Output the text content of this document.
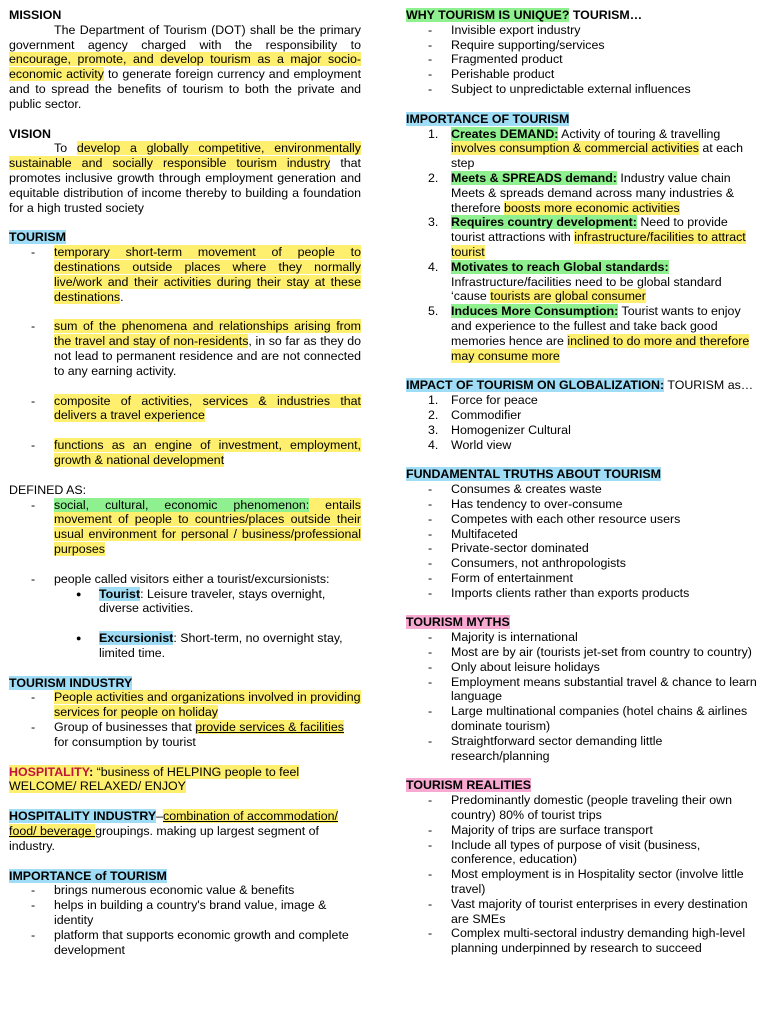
MISSION

The Department of Tourism (DOT) shall be the primary government agency charged with the responsibility to encourage, promote, and develop tourism as a major socio-economic activity to generate foreign currency and employment and to spread the benefits of tourism to both the private and public sector.

VISION

To develop a globally competitive, environmentally sustainable and socially responsible tourism industry that promotes inclusive growth through employment generation and equitable distribution of income thereby to building a foundation for a high trusted society

TOURISM

- temporary short-term movement of people to destinations outside places where they normally live/work and their activities during their stay at these destinations.
- sum of the phenomena and relationships arising from the travel and stay of non-residents, in so far as they do not lead to permanent residence and are not connected to any earning activity.
- composite of activities, services & industries that delivers a travel experience
- functions as an engine of investment, employment, growth & national development

DEFINED AS:

- social, cultural, economic phenomenon: entails movement of people to countries/places outside their usual environment for personal / business/professional purposes
- people called visitors either a tourist/excursionists:
● Tourist: Leisure traveler, stays overnight, diverse activities.
● Excursionist: Short-term, no overnight stay, limited time.

TOURISM INDUSTRY

- People activities and organizations involved in providing services for people on holiday
- Group of businesses that provide services & facilities for consumption by tourist

HOSPITALITY: “business of HELPING people to feel WELCOME/ RELAXED/ ENJOY

HOSPITALITY INDUSTRY–combination of accommodation/ food/ beverage groupings. making up largest segment of industry.

IMPORTANCE of TOURISM

- brings numerous economic value & benefits
- helps in building a country's brand value, image & identity
- platform that supports economic growth and complete development

WHY TOURISM IS UNIQUE? TOURISM…

- Invisible export industry
- Require supporting/services
- Fragmented product
- Perishable product
- Subject to unpredictable external influences

IMPORTANCE OF TOURISM

1. Creates DEMAND: Activity of touring & travelling involves consumption & commercial activities at each step
2. Meets & SPREADS demand: Industry value chain Meets & spreads demand across many industries & therefore boosts more economic activities
3. Requires country development: Need to provide tourist attractions with infrastructure/facilities to attract tourist
4. Motivates to reach Global standards: Infrastructure/facilities need to be global standard ‘cause tourists are global consumer
5. Induces More Consumption: Tourist wants to enjoy and experience to the fullest and take back good memories hence are inclined to do more and therefore may consume more

IMPACT OF TOURISM ON GLOBALIZATION: TOURISM as…

1. Force for peace
2. Commodifier
3. Homogenizer Cultural
4. World view

FUNDAMENTAL TRUTHS ABOUT TOURISM

- Consumes & creates waste
- Has tendency to over-consume
- Competes with each other resource users
- Multifaceted
- Private-sector dominated
- Consumers, not anthropologists
- Form of entertainment
- Imports clients rather than exports products

TOURISM MYTHS

- Majority is international
- Most are by air (tourists jet-set from country to country)
- Only about leisure holidays
- Employment means substantial travel & chance to learn language
- Large multinational companies (hotel chains & airlines dominate tourism)
- Straightforward sector demanding little research/planning

TOURISM REALITIES

- Predominantly domestic (people traveling their own country) 80% of tourist trips
- Majority of trips are surface transport
- Include all types of purpose of visit (business, conference, education)
- Most employment is in Hospitality sector (involve little travel)
- Vast majority of tourist enterprises in every destination are SMEs
- Complex multi-sectoral industry demanding high-level planning underpinned by research to succeed
